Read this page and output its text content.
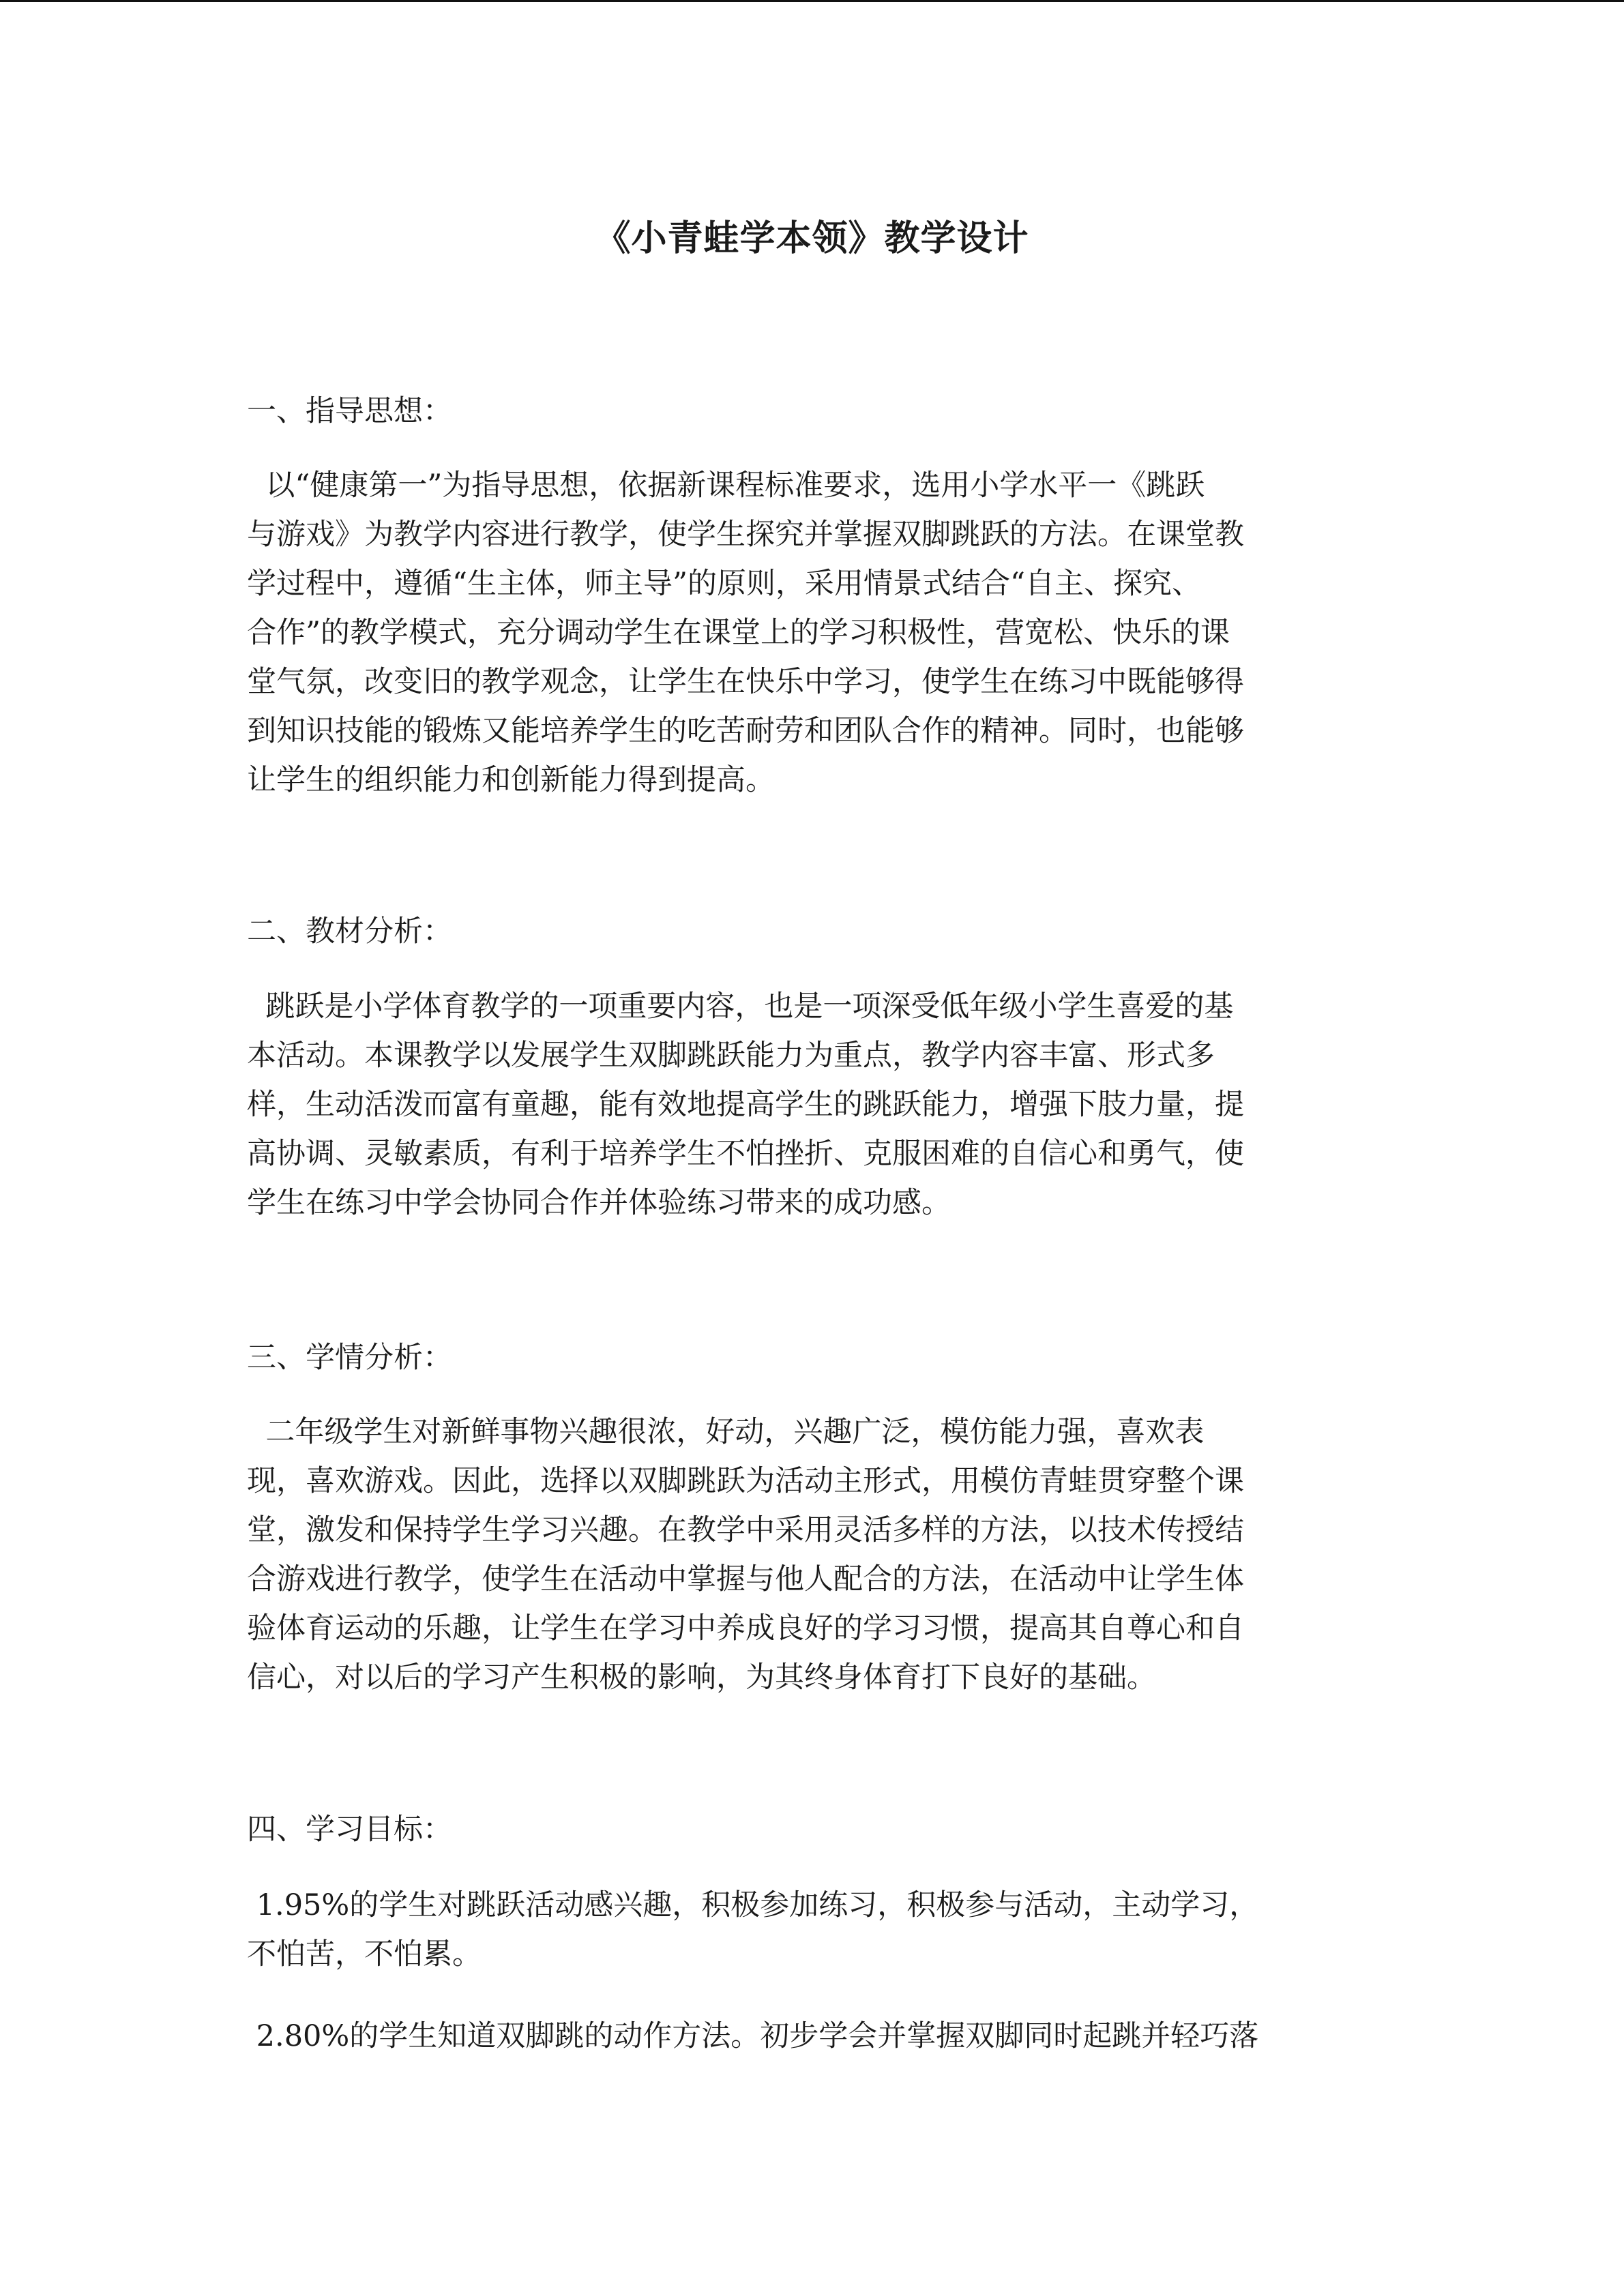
《小青蛙学本领》教学设计
一、指导思想：
以“健康第一”为指导思想，依据新课程标准要求，选用小学水平一《跳跃
与游戏》为教学内容进行教学，使学生探究并掌握双脚跳跃的方法。在课堂教
学过程中，遵循“生主体，师主导”的原则，采用情景式结合“自主、探究、
合作”的教学模式，充分调动学生在课堂上的学习积极性，营宽松、快乐的课
堂气氛，改变旧的教学观念，让学生在快乐中学习，使学生在练习中既能够得
到知识技能的锻炼又能培养学生的吃苦耐劳和团队合作的精神。同时，也能够
让学生的组织能力和创新能力得到提高。
二、教材分析：
跳跃是小学体育教学的一项重要内容，也是一项深受低年级小学生喜爱的基
本活动。本课教学以发展学生双脚跳跃能力为重点，教学内容丰富、形式多
样，生动活泼而富有童趣，能有效地提高学生的跳跃能力，增强下肢力量，提
高协调、灵敏素质，有利于培养学生不怕挫折、克服困难的自信心和勇气，使
学生在练习中学会协同合作并体验练习带来的成功感。
三、学情分析：
二年级学生对新鲜事物兴趣很浓，好动，兴趣广泛，模仿能力强，喜欢表
现，喜欢游戏。因此，选择以双脚跳跃为活动主形式，用模仿青蛙贯穿整个课
堂，激发和保持学生学习兴趣。在教学中采用灵活多样的方法，以技术传授结
合游戏进行教学，使学生在活动中掌握与他人配合的方法，在活动中让学生体
验体育运动的乐趣，让学生在学习中养成良好的学习习惯，提高其自尊心和自
信心，对以后的学习产生积极的影响，为其终身体育打下良好的基础。
四、学习目标：
1.95%的学生对跳跃活动感兴趣，积极参加练习，积极参与活动，主动学习，
不怕苦，不怕累。
2.80%的学生知道双脚跳的动作方法。初步学会并掌握双脚同时起跳并轻巧落
